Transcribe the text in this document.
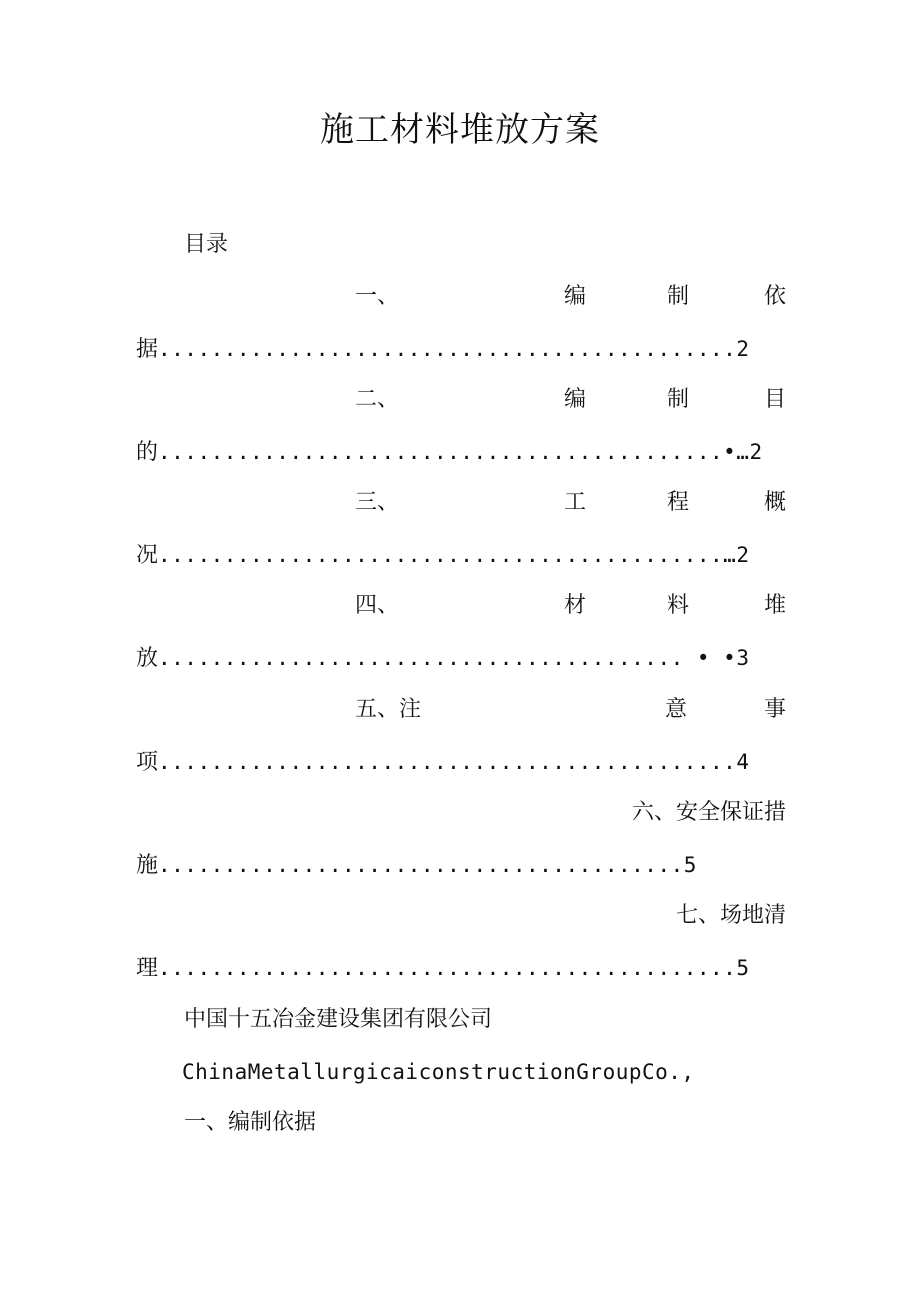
施工材料堆放方案
目录
一、	编	制	依
据............................................2
二、	编	制	目
的...........................................•…2
三、	工	程	概
况...........................................…2
四、	材	料	堆
放........................................ • •3
五、注	意	事
项............................................4
六、安全保证措
施........................................5
七、场地清
理............................................5
中国十五冶金建设集团有限公司
ChinaMetallurgicaiconstructionGroupCo.,
一、编制依据
